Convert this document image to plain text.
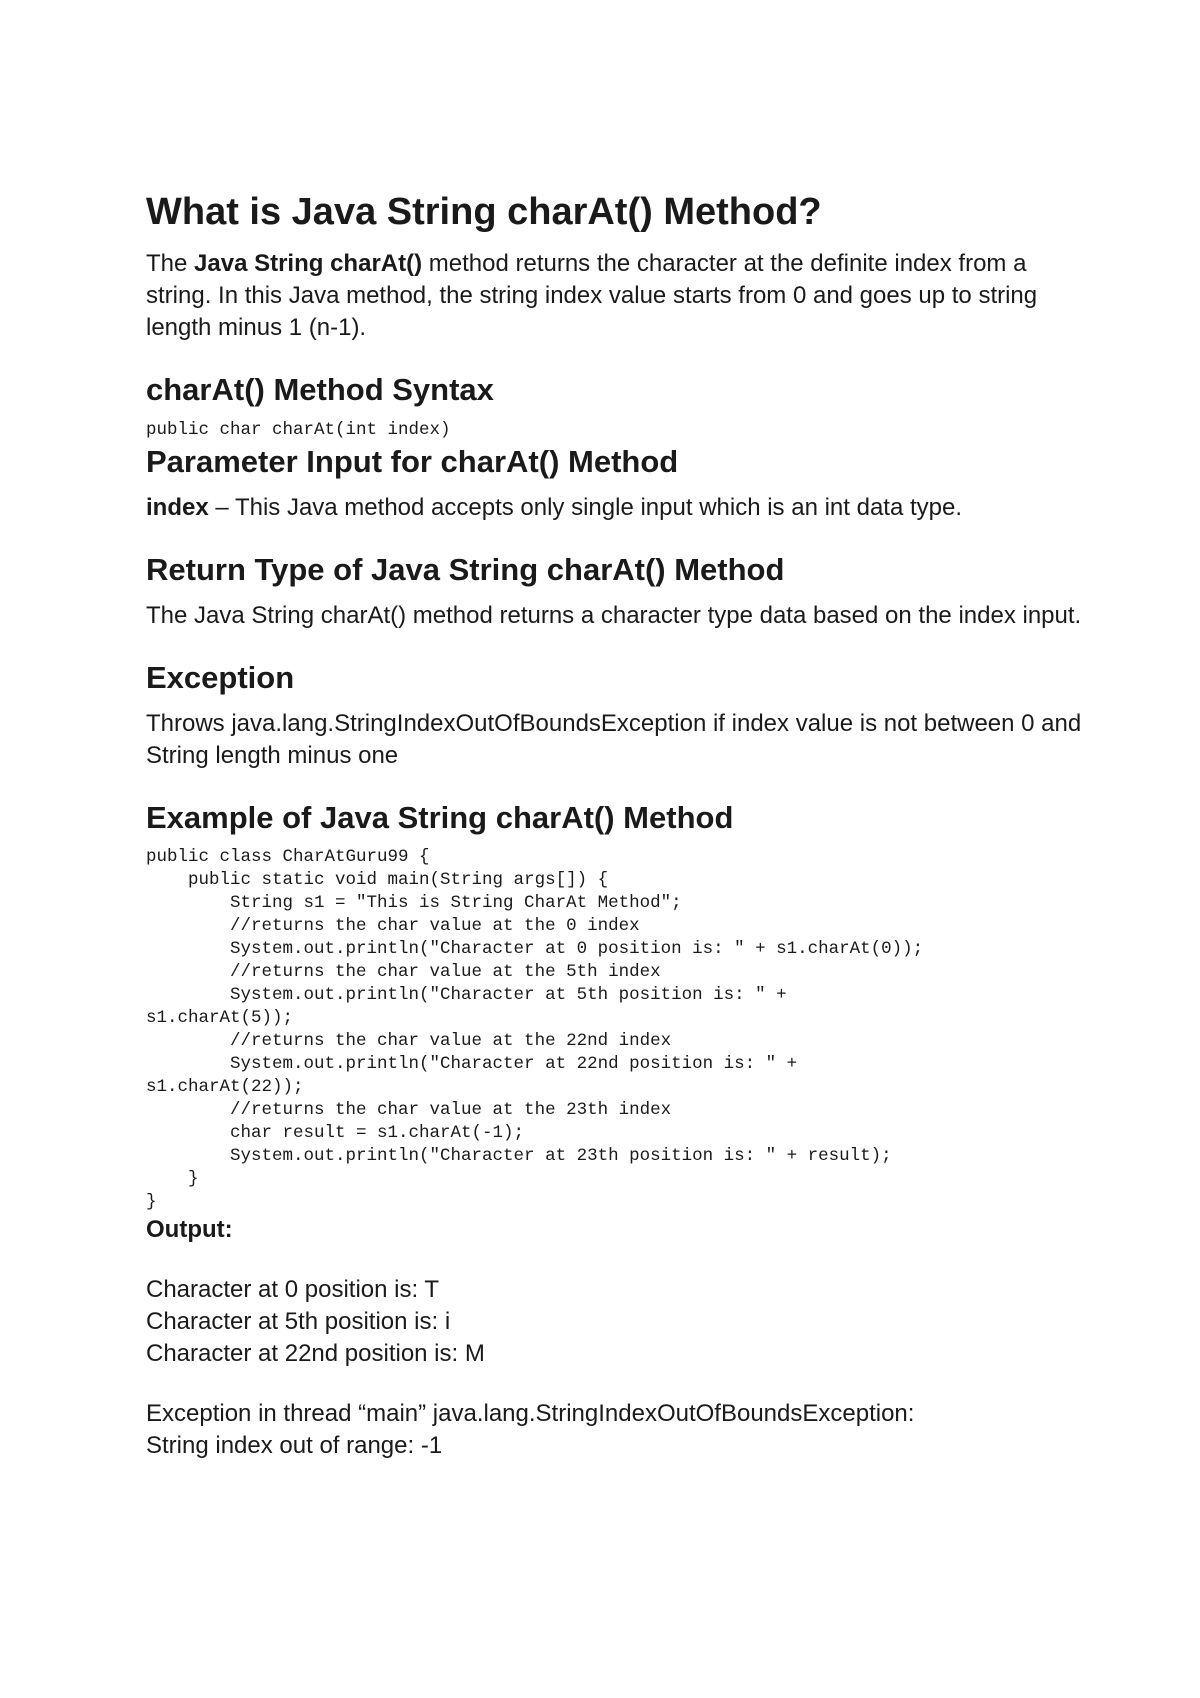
What is Java String charAt() Method?

The Java String charAt() method returns the character at the definite index from a string. In this Java method, the string index value starts from 0 and goes up to string length minus 1 (n-1).

charAt() Method Syntax
public char charAt(int index)
Parameter Input for charAt() Method

index – This Java method accepts only single input which is an int data type.

Return Type of Java String charAt() Method

The Java String charAt() method returns a character type data based on the index input.

Exception

Throws java.lang.StringIndexOutOfBoundsException if index value is not between 0 and String length minus one

Example of Java String charAt() Method
public class CharAtGuru99 {
public static void main(String args[]) {
String s1 = "This is String CharAt Method";
//returns the char value at the 0 index
System.out.println("Character at 0 position is: " + s1.charAt(0));
//returns the char value at the 5th index
System.out.println("Character at 5th position is: " +
s1.charAt(5));
//returns the char value at the 22nd index
System.out.println("Character at 22nd position is: " +
s1.charAt(22));
//returns the char value at the 23th index
char result = s1.charAt(-1);
System.out.println("Character at 23th position is: " + result);
}
}

Output:

Character at 0 position is: T

Character at 5th position is: i

Character at 22nd position is: M

Exception in thread “main” java.lang.StringIndexOutOfBoundsException:

String index out of range: -1
